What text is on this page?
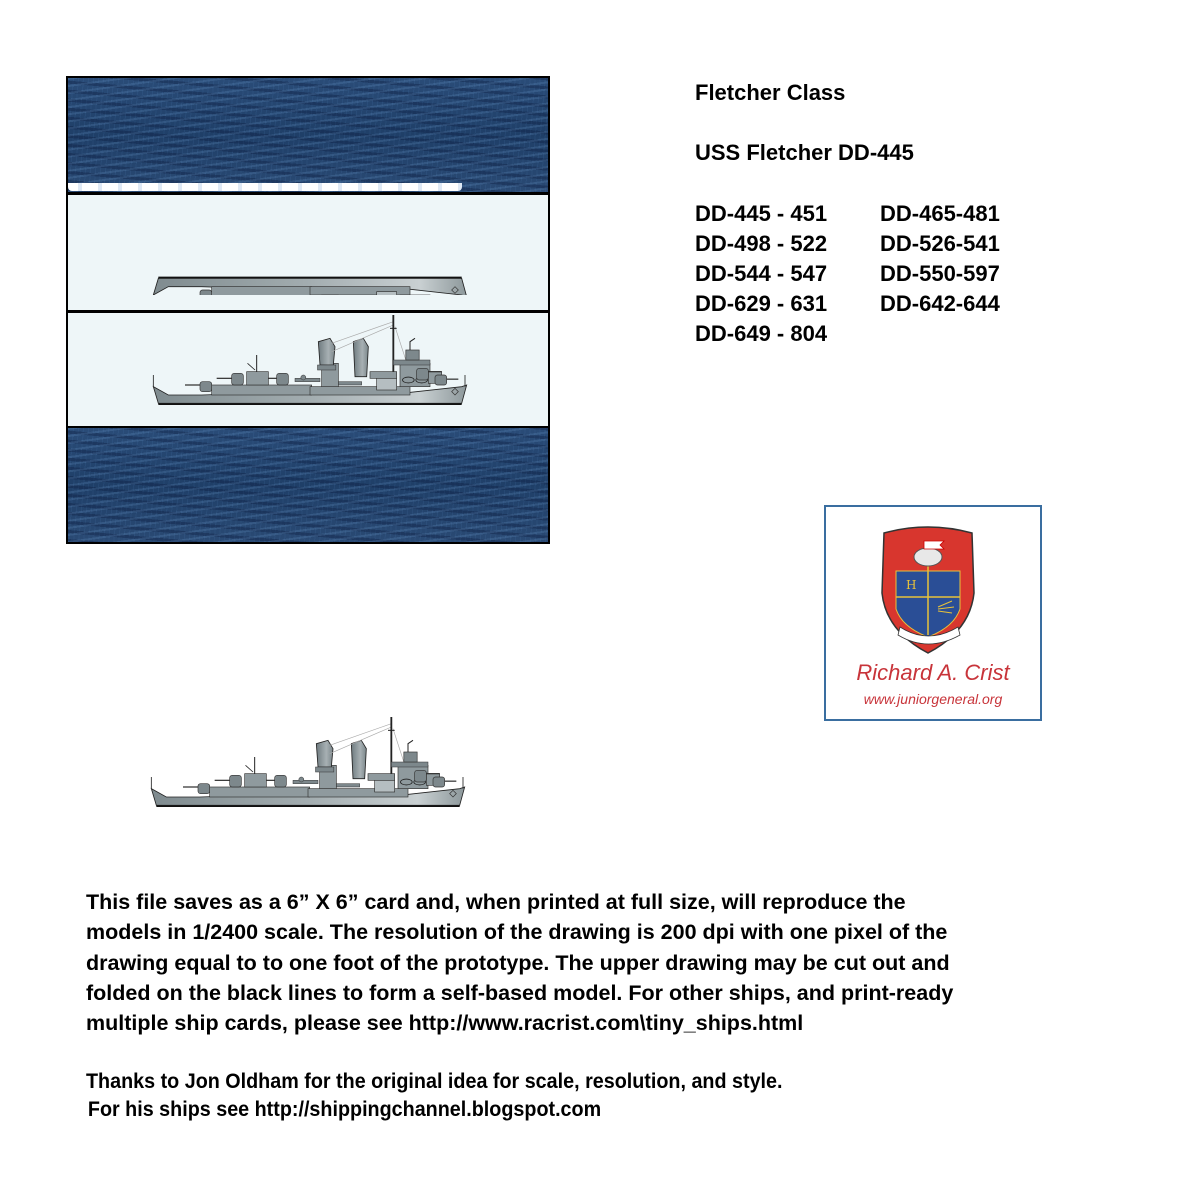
Fletcher Class
USS Fletcher DD-445
DD-445 - 451	DD-465-481
DD-498 - 522	DD-526-541
DD-544 - 547	DD-550-597
DD-629 - 631	DD-642-644
DD-649 - 804
H
Richard A. Crist
www.juniorgeneral.org

This file saves as a 6” X 6” card and, when printed at full size, will reproduce the

models in 1/2400 scale. The resolution of the drawing is 200 dpi with one pixel of the

drawing equal to to one foot of the prototype. The upper drawing may be cut out and

folded on the black lines to form a self-based model. For other ships, and print-ready

multiple ship cards, please see http://www.racrist.com\tiny_ships.html

Thanks to Jon Oldham for the original idea for scale, resolution, and style.

For his ships see http://shippingchannel.blogspot.com
